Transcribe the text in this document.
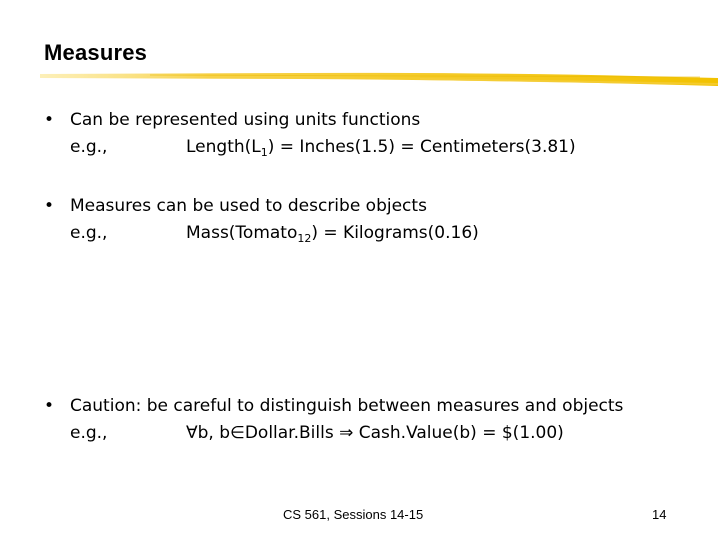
Measures
• Can be represented using units functions
e.g.,	$Length(L_1)$ = Inches(1.5) = Centimeters(3.81)
• Measures can be used to describe objects
e.g.,	Mass(Tomato$_{12}$) = Kilograms(0.16)
• Caution: be careful to distinguish between measures and objects
e.g.,	∀b, b∈Dollar.Bills ⇒ Cash.Value(b) = $(1.00)
CS 561, Sessions 14-15	14
